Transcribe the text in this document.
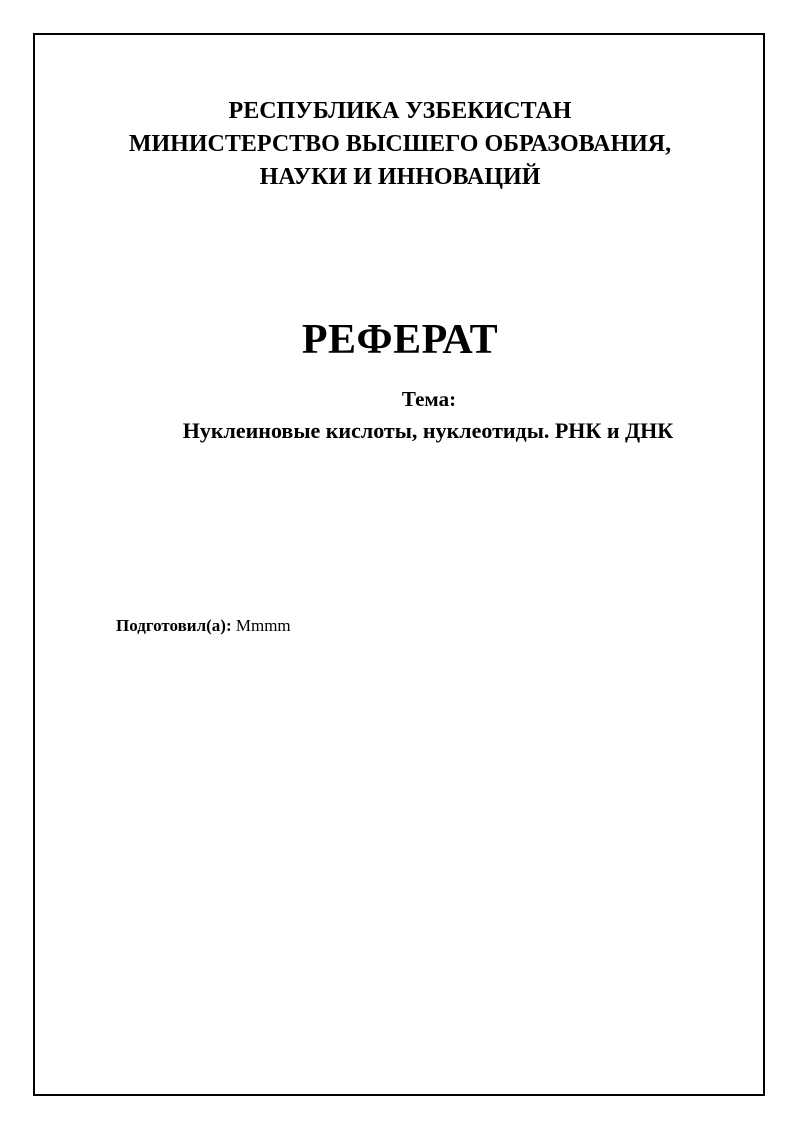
РЕСПУБЛИКА УЗБЕКИСТАН
МИНИСТЕРСТВО ВЫСШЕГО ОБРАЗОВАНИЯ,
НАУКИ И ИННОВАЦИЙ
РЕФЕРАТ
Тема:
Нуклеиновые кислоты, нуклеотиды. РНК и ДНК
Подготовил(а): Mmmm
